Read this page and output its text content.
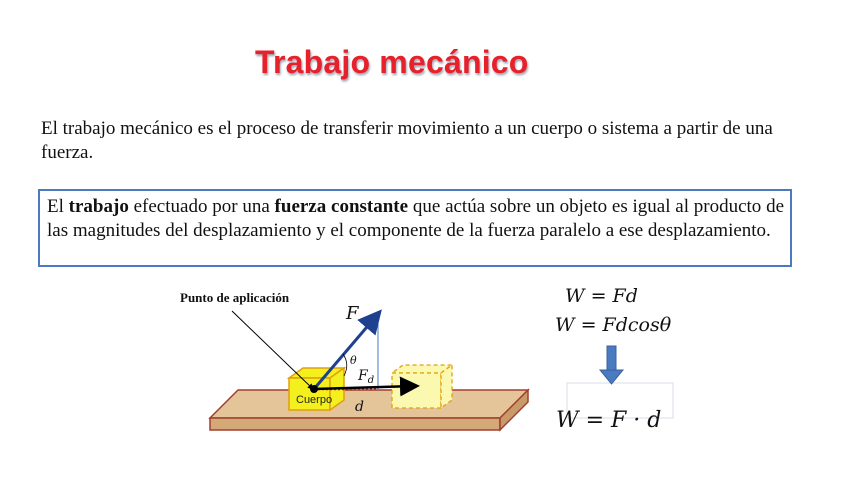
Trabajo mecánico
El trabajo mecánico es el proceso de transferir movimiento a un cuerpo o sistema a partir de una fuerza.
El trabajo efectuado por una fuerza constante que actúa sobre un objeto es igual al producto de las magnitudes del desplazamiento y el componente de la fuerza paralelo a ese desplazamiento.
Cuerpo
Punto de aplicación
θ
F
$F_d$
d
W = Fd
W = Fdcosθ
W = F · d
